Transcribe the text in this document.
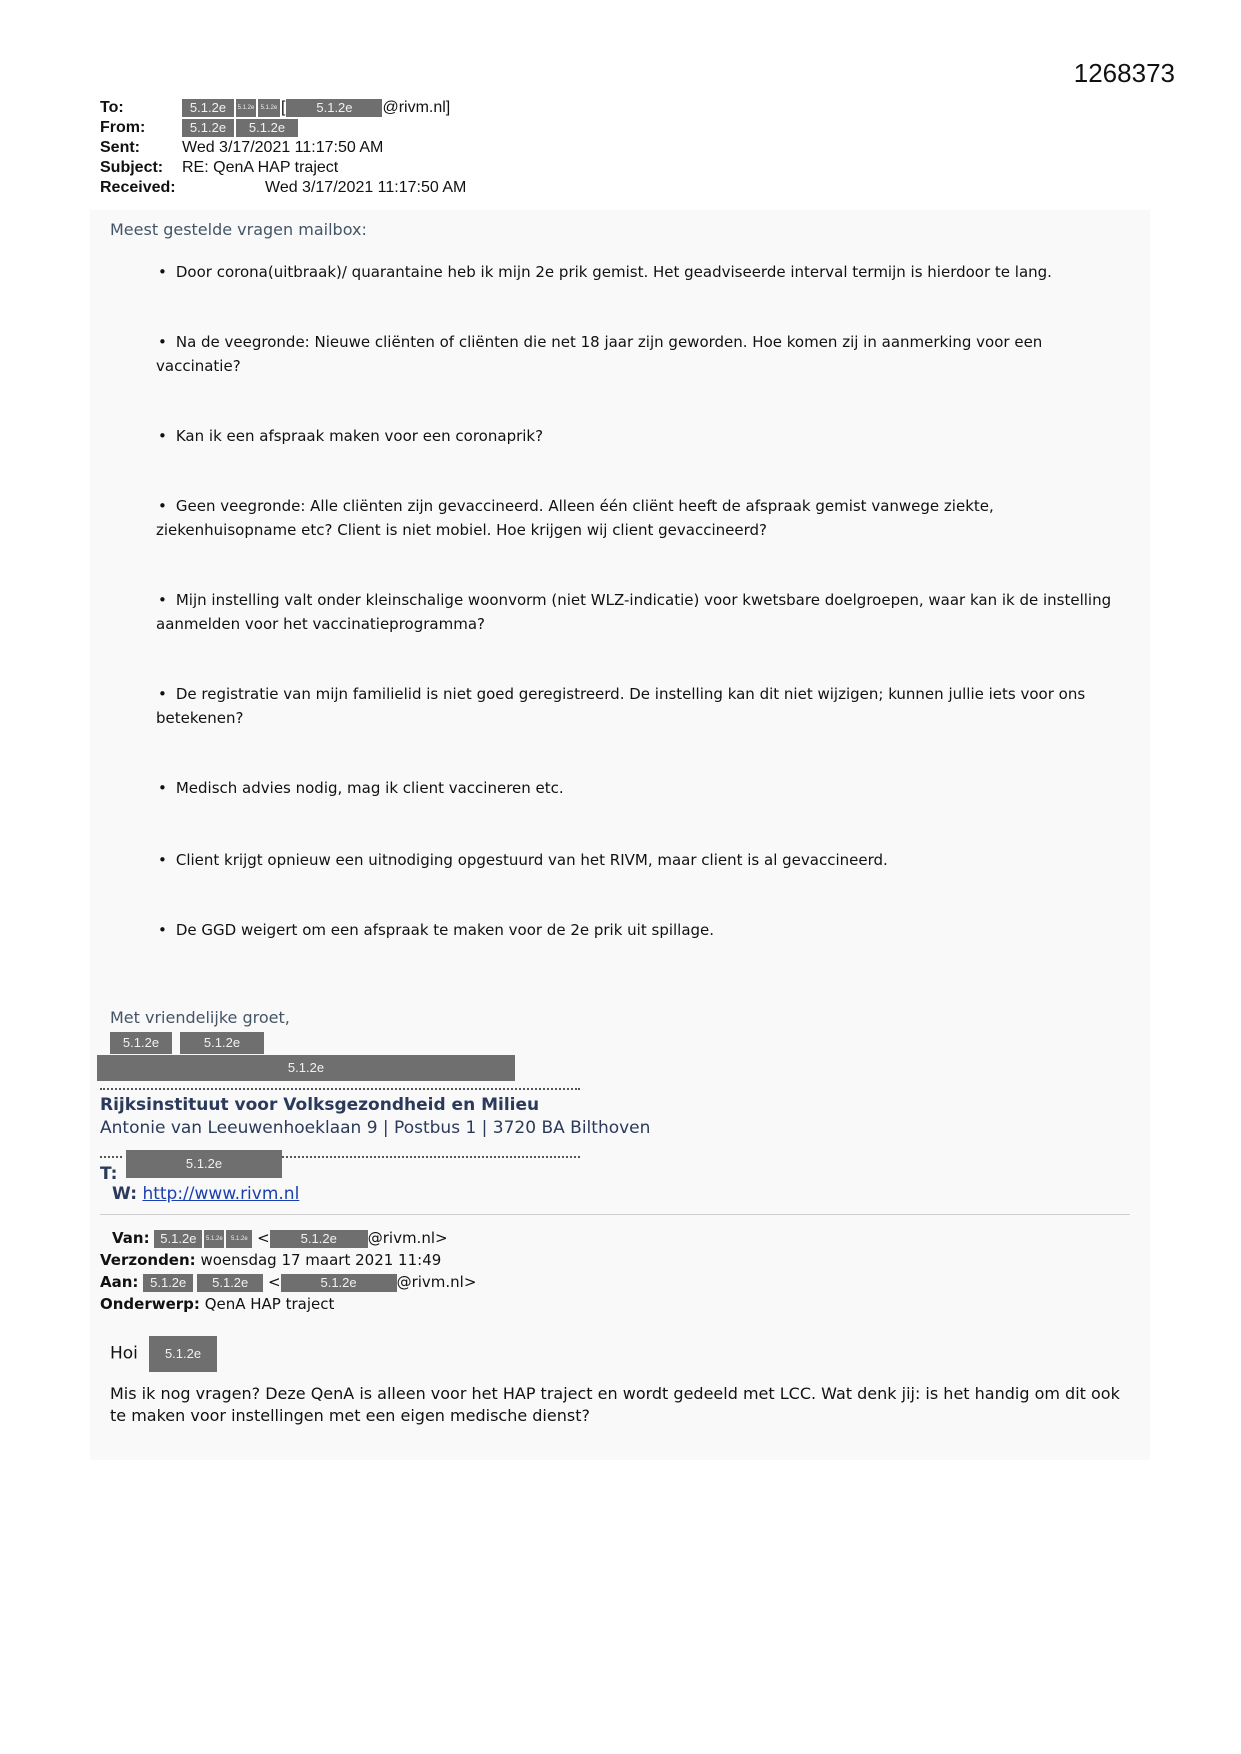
1268373
To:	5.1.2e 5.1.2e 5.1.2e [ 5.1.2e @rivm.nl]
From:	5.1.2e 5.1.2e
Sent:	Wed 3/17/2021 11:17:50 AM
Subject: RE: QenA HAP traject
Received:	Wed 3/17/2021 11:17:50 AM
Meest gestelde vragen mailbox:
• Door corona(uitbraak)/ quarantaine heb ik mijn 2e prik gemist. Het geadviseerde interval termijn is hierdoor te lang.
• Na de veegronde: Nieuwe cliënten of cliënten die net 18 jaar zijn geworden. Hoe komen zij in aanmerking voor een vaccinatie?
• Kan ik een afspraak maken voor een coronaprik?
• Geen veegronde: Alle cliënten zijn gevaccineerd. Alleen één cliënt heeft de afspraak gemist vanwege ziekte, ziekenhuisopname etc? Client is niet mobiel. Hoe krijgen wij client gevaccineerd?
• Mijn instelling valt onder kleinschalige woonvorm (niet WLZ-indicatie) voor kwetsbare doelgroepen, waar kan ik de instelling aanmelden voor het vaccinatieprogramma?
• De registratie van mijn familielid is niet goed geregistreerd. De instelling kan dit niet wijzigen; kunnen jullie iets voor ons betekenen?
• Medisch advies nodig, mag ik client vaccineren etc.
• Client krijgt opnieuw een uitnodiging opgestuurd van het RIVM, maar client is al gevaccineerd.
• De GGD weigert om een afspraak te maken voor de 2e prik uit spillage.
Met vriendelijke groet,
5.1.2e	5.1.2e
5.1.2e
Rijksinstituut voor Volksgezondheid en Milieu
Antonie van Leeuwenhoeklaan 9 | Postbus 1 | 3720 BA Bilthoven
5.1.2e
T:
W: http://www.rivm.nl
Van: 5.1.2e 5.1.2e 5.1.2e < 5.1.2e @rivm.nl>
Verzonden: woensdag 17 maart 2021 11:49
Aan: 5.1.2e 5.1.2e <	5.1.2e	@rivm.nl>
Onderwerp: QenA HAP traject
Hoi 5.1.2e
Mis ik nog vragen? Deze QenA is alleen voor het HAP traject en wordt gedeeld met LCC. Wat denk jij: is het handig om dit ook te maken voor instellingen met een eigen medische dienst?
